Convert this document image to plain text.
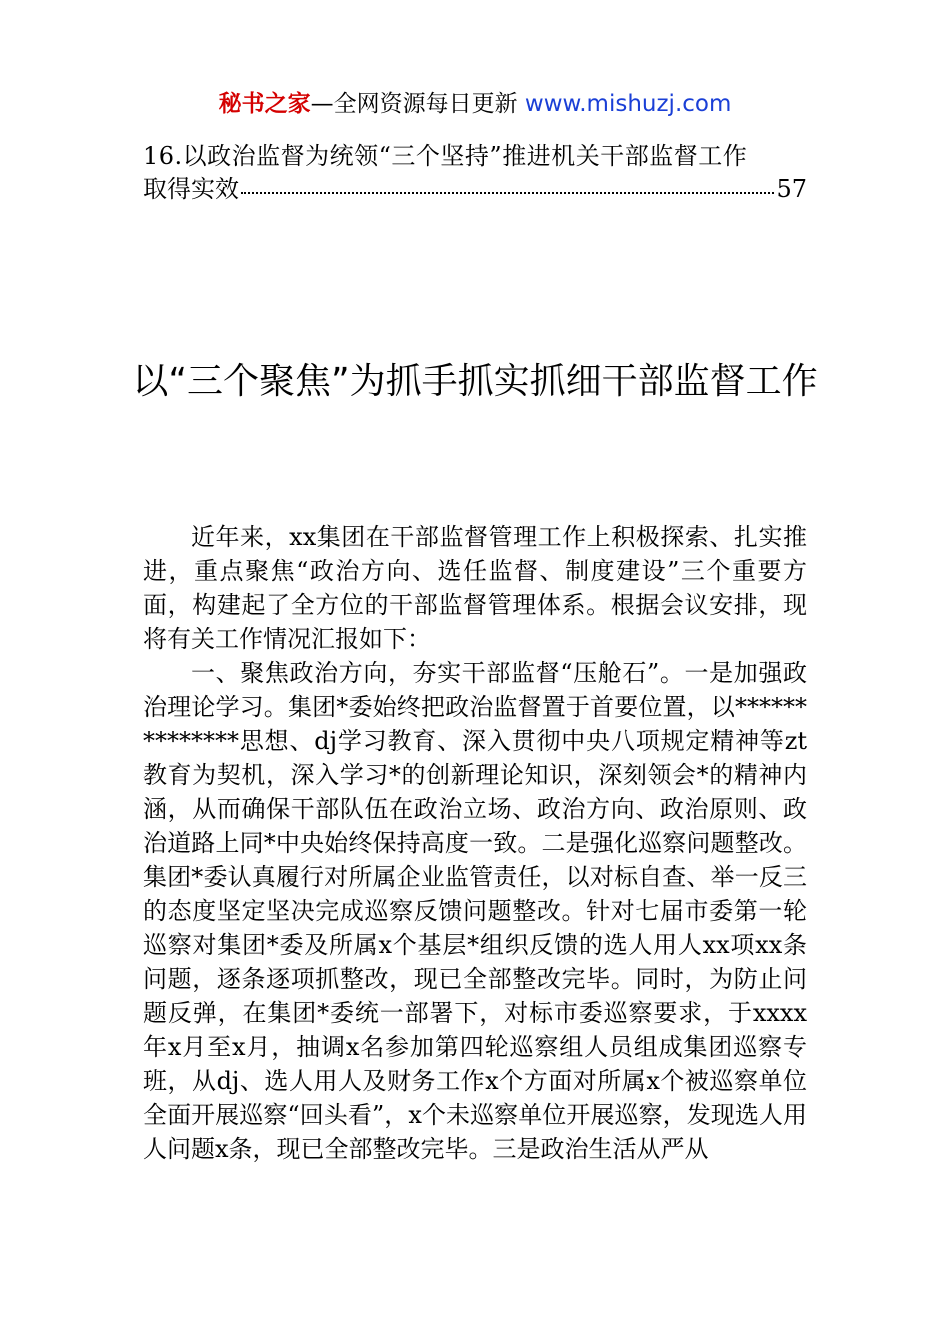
秘书之家—全网资源每日更新 www.mishuzj.com
16.以政治监督为统领“三个坚持”推进机关干部监督工作
取得实效	57
以“三个聚焦”为抓手抓实抓细干部监督工作

近年来，xx集团在干部监督管理工作上积极探索、扎实推进，重点聚焦“政治方向、选任监督、制度建设”三个重要方面，构建起了全方位的干部监督管理体系。根据会议安排，现将有关工作情况汇报如下：

一、聚焦政治方向，夯实干部监督“压舱石”。一是加强政治理论学习。集团*委始终把政治监督置于首要位置，以**************思想、dj学习教育、深入贯彻中央八项规定精神等zt教育为契机，深入学习*的创新理论知识，深刻领会*的精神内涵，从而确保干部队伍在政治立场、政治方向、政治原则、政治道路上同*中央始终保持高度一致。二是强化巡察问题整改。集团*委认真履行对所属企业监管责任，以对标自查、举一反三的态度坚定坚决完成巡察反馈问题整改。针对七届市委第一轮巡察对集团*委及所属x个基层*组织反馈的选人用人xx项xx条问题，逐条逐项抓整改，现已全部整改完毕。同时，为防止问题反弹，在集团*委统一部署下，对标市委巡察要求，于xxxx年x月至x月，抽调x名参加第四轮巡察组人员组成集团巡察专班，从dj、选人用人及财务工作x个方面对所属x个被巡察单位全面开展巡察“回头看”，x个未巡察单位开展巡察，发现选人用人问题x条，现已全部整改完毕。三是政治生活从严从
